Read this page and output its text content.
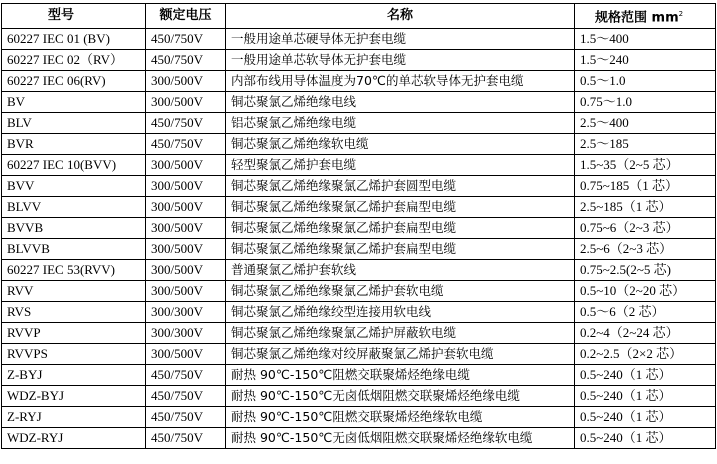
型号	额定电压	名称	规格范围 $mm^2$
60227 IEC 01 (BV)	450/750V	一般用途单芯硬导体无护套电缆	1.5～400
60227 IEC 02（RV）	450/750V	一般用途单芯软导体无护套电缆	1.5～240
60227 IEC 06(RV)	300/500V	内部布线用导体温度为70℃的单芯软导体无护套电缆	0.5～1.0
BV	300/500V	铜芯聚氯乙烯绝缘电线	0.75～1.0
BLV	450/750V	铝芯聚氯乙烯绝缘电缆	2.5～400
BVR	450/750V	铜芯聚氯乙烯绝缘软电缆	2.5～185
60227 IEC 10(BVV)	300/500V	轻型聚氯乙烯护套电缆	1.5~35（2~5 芯）
BVV	300/500V	铜芯聚氯乙烯绝缘聚氯乙烯护套圆型电缆	0.75~185（1 芯）
BLVV	300/500V	铜芯聚氯乙烯绝缘聚氯乙烯护套扁型电缆	2.5~185（1 芯）
BVVB	300/500V	铜芯聚氯乙烯绝缘聚氯乙烯护套扁型电缆	0.75~6（2~3 芯）
BLVVB	300/500V	铜芯聚氯乙烯绝缘聚氯乙烯护套扁型电缆	2.5~6（2~3 芯）
60227 IEC 53(RVV)	300/500V	普通聚氯乙烯护套软线	0.75~2.5(2~5 芯)
RVV	300/500V	铜芯聚氯乙烯绝缘聚氯乙烯护套软电缆	0.5~10（2~20 芯）
RVS	300/300V	铜芯聚氯乙烯绝缘绞型连接用软电线	0.5～6（2 芯）
RVVP	300/300V	铜芯聚氯乙烯绝缘聚氯乙烯护屏蔽软电缆	0.2~4（2~24 芯）
RVVPS	300/500V	铜芯聚氯乙烯绝缘对绞屏蔽聚氯乙烯护套软电缆	0.2~2.5（2×2 芯）
Z-BYJ	450/750V	耐热 90℃-150℃阻燃交联聚烯烃绝缘电缆	0.5~240（1 芯）
WDZ-BYJ	450/750V	耐热 90℃-150℃无卤低烟阻燃交联聚烯烃绝缘电缆	0.5~240（1 芯）
Z-RYJ	450/750V	耐热 90℃-150℃阻燃交联聚烯烃绝缘软电缆	0.5~240（1 芯）
WDZ-RYJ	450/750V	耐热 90℃-150℃无卤低烟阻燃交联聚烯烃绝缘软电缆	0.5~240（1 芯）
